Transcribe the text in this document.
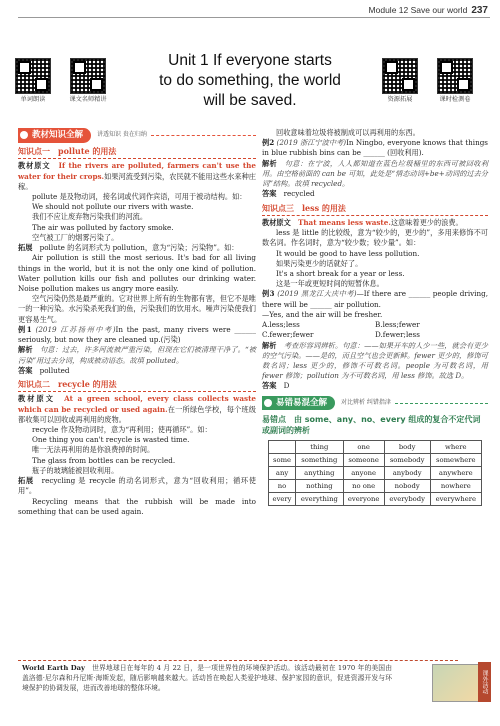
Module 12 Save our world 237
单词朗读	课文名师精讲	资源拓展	课时检测卷
Unit 1 If everyone starts
to do something, the world
will be saved.
教材知识全解	讲透知识 贵在归纳
知识点一　 pollute 的用法

教材原文　 If the rivers are polluted, farmers can't use the water for their crops.如果河流受到污染，农民就不能用这些水来种庄稼。

pollute 是及物动词，接名词或代词作宾语，可用于被动结构。如：

We should not pollute our rivers with waste.

我们不应让废弃物污染我们的河流。

The air was polluted by factory smoke.

空气被工厂的烟雾污染了。

拓展　 pollute 的名词形式为 pollution，意为“污染；污染物”。如：

Air pollution is still the most serious. It's bad for all living things in the world, but it is not the only one kind of pollution. Water pollution kills our fish and pollutes our drinking water. Noise pollution makes us angry more easily.

空气污染仍然是最严重的。它对世界上所有的生物都有害，但它不是唯一的一种污染。水污染杀死我们的鱼，污染我们的饮用水。噪声污染使我们更容易生气。

例1 (2019 江苏扬州中考)In the past, many rivers were ______ seriously, but now they are cleaned up.(污染)

解析　 句意：过去，许多河流被严重污染，但现在它们被清理干净了。“被污染”用过去分词，构成被动语态。故填 polluted。

答案　 polluted

知识点二　 recycle 的用法

教材原文　 At a green school, every class collects waste which can be recycled or used again.在一所绿色学校，每个班级都收集可以回收或再利用的废物。

recycle 作及物动词时，意为“再利用；使再循环”。如：

One thing you can't recycle is wasted time.

唯一无法再利用的是你浪费掉的时间。

The glass from bottles can be recycled.

瓶子的玻璃能被回收利用。

拓展　 recycling 是 recycle 的动名词形式，意为“回收利用；循环使用”。

Recycling means that the rubbish will be made into something that can be used again.

回收意味着垃圾将被制成可以再利用的东西。

例2 (2019 浙江宁波中考)In Ningbo, everyone knows that things in blue rubbish bins can be ______ (回收利用).

解析　 句意：在宁波，人人都知道在蓝色垃圾桶里的东西可被回收利用。由空格前面的 can be 可知，此处是“情态动词+be+动词的过去分词”结构。故填 recycled。

答案　 recycled

知识点三　 less 的用法

教材原文　 That means less waste.这意味着更少的浪费。

less 是 little 的比较级，意为“较少的，更少的”，多用来修饰不可数名词。作名词时，意为“较少数；较少量”。如：

It would be good to have less pollution.

如果污染更少的话就好了。

It's a short break for a year or less.

这是一年或更短时间的短暂休息。

例3 (2019 黑龙江大庆中考)—If there are ______ people driving, there will be ______ air pollution.

—Yes, and the air will be fresher.

A.less;less	B.less;fewer
C.fewer;fewer	D.fewer;less

解析　 考查形容词辨析。句意：——如果开车的人少一些，就会有更少的空气污染。——是的，而且空气也会更新鲜。fewer 更少的，修饰可数名词；less 更少的，修饰不可数名词。people 为可数名词，用 fewer 修饰；pollution 为不可数名词，用 less 修饰。故选 D。

答案　 D

易错易混全解	对比辨析 纠错指津
易错点　 由 some、any、no、every 组成的复合不定代词或副词的辨析
	thing	one	body	where
some	something	someone	somebody	somewhere
any	anything	anyone	anybody	anywhere
no	nothing	no one	nobody	nowhere
every	everything	everyone	everybody	everywhere

World Earth Day　 世界地球日在每年的 4 月 22 日，是一项世界性的环境保护活动。该活动最初在 1970 年的美国由盖洛德·尼尔森和丹尼斯·海斯发起，随后影响越来越大。活动旨在唤起人类爱护地球、保护家园的意识，促进资源开发与环境保护的协调发展，进而改善地球的整体环境。	课外活动
